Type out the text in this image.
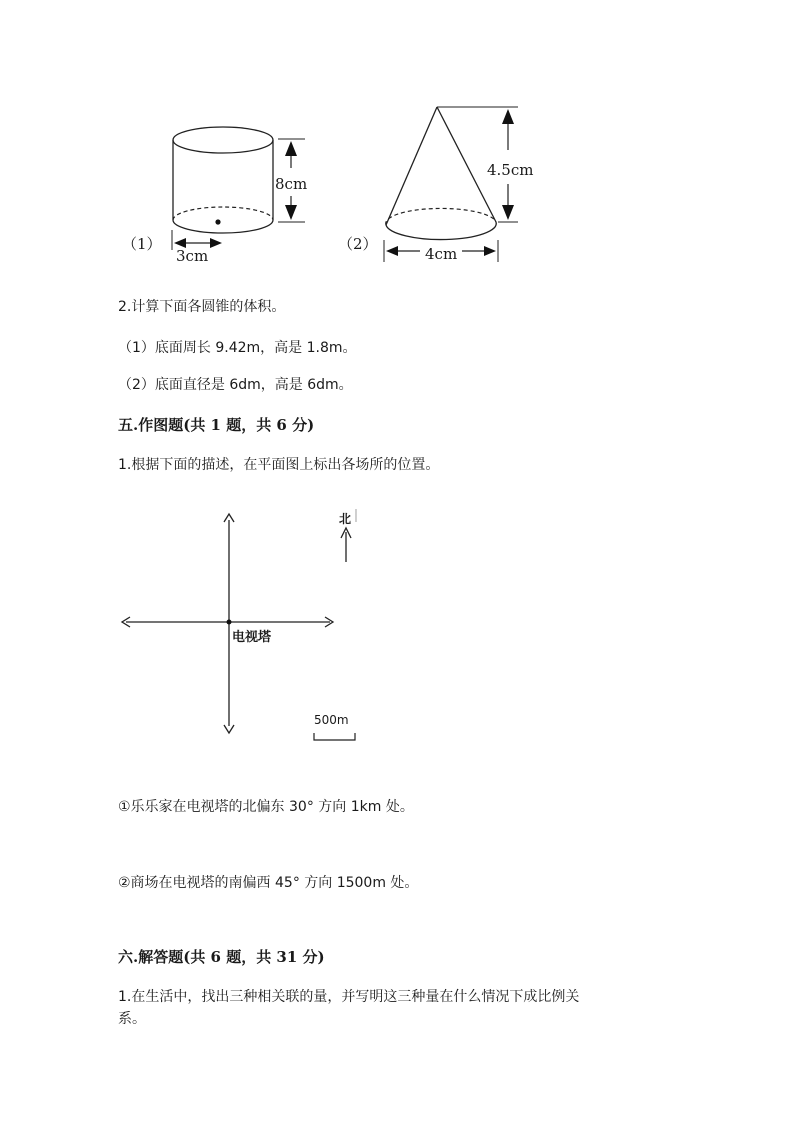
（1）
8cm
3cm
（2）
4.5cm
4cm
2.计算下面各圆锥的体积。
（1）底面周长 9.42m，高是 1.8m。
（2）底面直径是 6dm，高是 6dm。
五.作图题(共 1 题，共 6 分)
1.根据下面的描述，在平面图上标出各场所的位置。
北
电视塔
500m
①乐乐家在电视塔的北偏东 30° 方向 1km 处。
②商场在电视塔的南偏西 45° 方向 1500m 处。
六.解答题(共 6 题，共 31 分)
1.在生活中，找出三种相关联的量，并写明这三种量在什么情况下成比例关
系。
